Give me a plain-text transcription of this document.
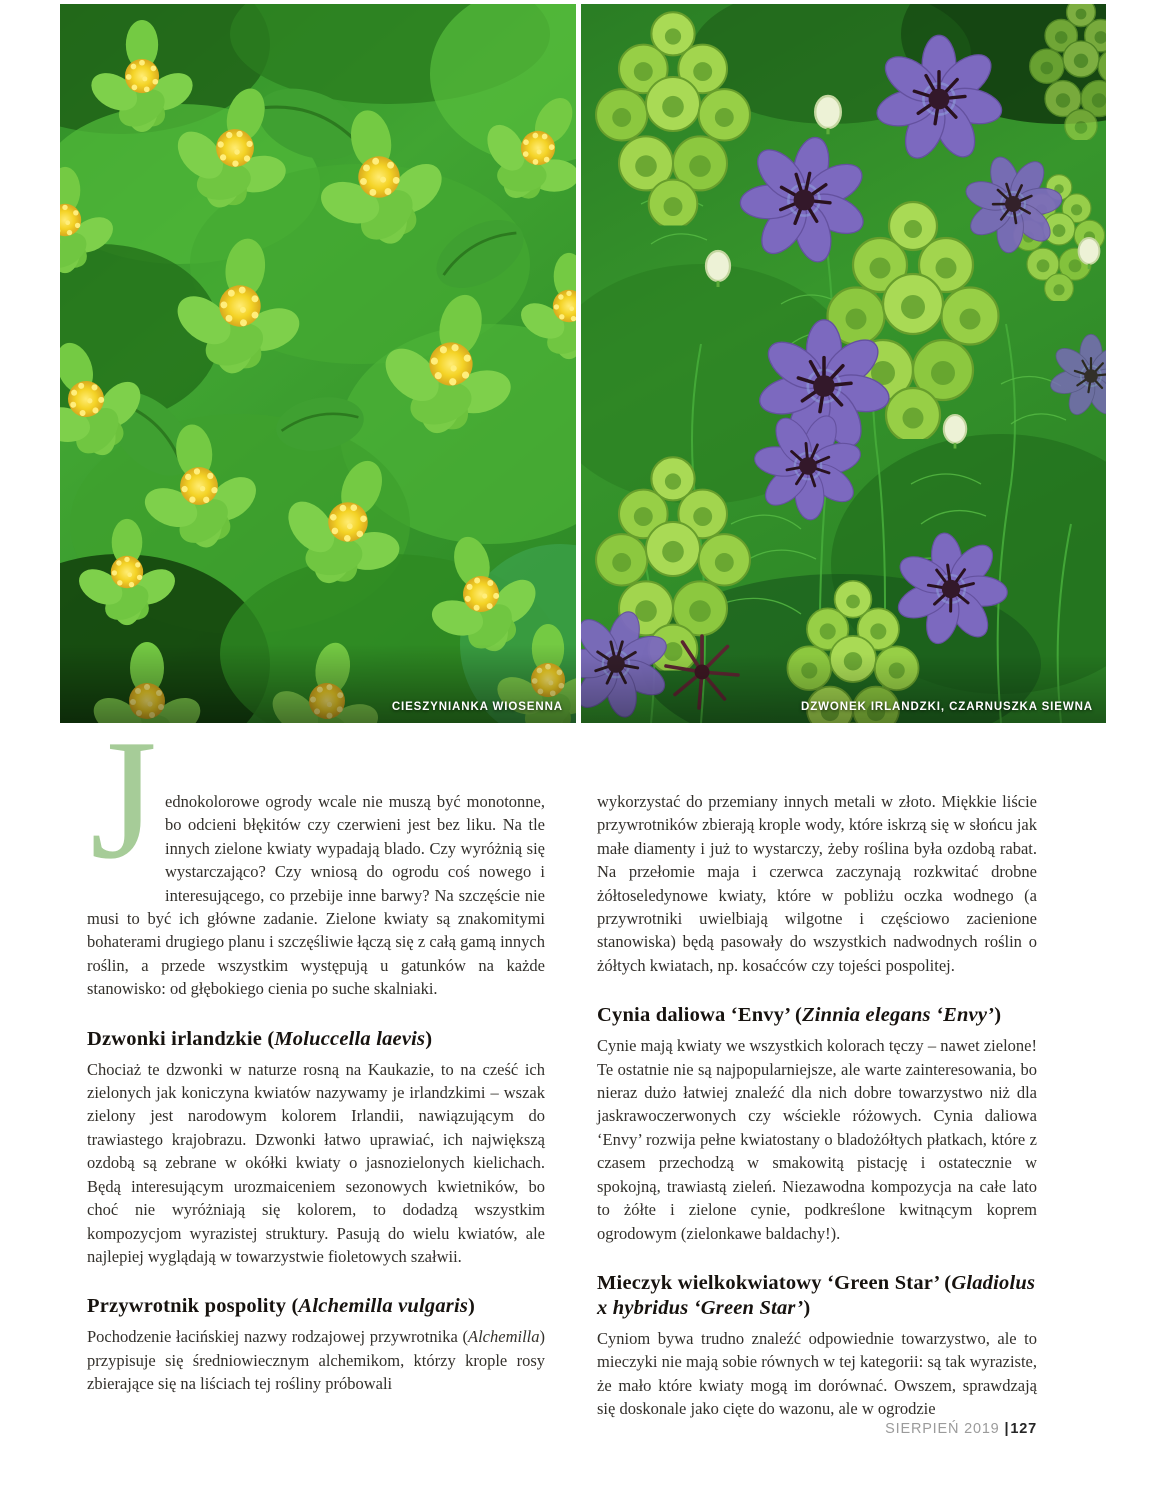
CIESZYNIANKA WIOSENNA	DZWONEK IRLANDZKI, CZARNUSZKA SIEWNA
J ednokolorowe ogrody wcale nie muszą być monotonne, bo odcieni błękitów czy czerwieni jest bez liku. Na tle innych zielone kwiaty wypadają blado. Czy wyróżnią się wystarczająco? Czy wniosą do ogrodu coś nowego i interesującego, co przebije inne barwy? Na szczęście nie musi to być ich główne zadanie. Zielone kwiaty są znakomitymi bohaterami drugiego planu i szczęśliwie łączą się z całą gamą innych roślin, a przede wszystkim występują u gatunków na każde stanowisko: od głębokiego cienia po suche skalniaki.

Dzwonki irlandzkie (Moluccella laevis)

Chociaż te dzwonki w naturze rosną na Kaukazie, to na cześć ich zielonych jak koniczyna kwiatów nazywamy je irlandzkimi – wszak zielony jest narodowym kolorem Irlandii, nawiązującym do trawiastego krajobrazu. Dzwonki łatwo uprawiać, ich największą ozdobą są zebrane w okółki kwiaty o jasnozielonych kielichach. Będą interesującym urozmaiceniem sezonowych kwietników, bo choć nie wyróżniają się kolorem, to dodadzą wszystkim kompozycjom wyrazistej struktury. Pasują do wielu kwiatów, ale najlepiej wyglądają w towarzystwie fioletowych szałwii.

Przywrotnik pospolity (Alchemilla vulgaris)

Pochodzenie łacińskiej nazwy rodzajowej przywrotnika (Alchemilla) przypisuje się średniowiecznym alchemikom, którzy krople rosy zbierające się na liściach tej rośliny próbowali

wykorzystać do przemiany innych metali w złoto. Miękkie liście przywrotników zbierają krople wody, które iskrzą się w słońcu jak małe diamenty i już to wystarczy, żeby roślina była ozdobą rabat. Na przełomie maja i czerwca zaczynają rozkwitać drobne żółtoseledynowe kwiaty, które w pobliżu oczka wodnego (a przywrotniki uwielbiają wilgotne i częściowo zacienione stanowiska) będą pasowały do wszystkich nadwodnych roślin o żółtych kwiatach, np. kosaćców czy tojeści pospolitej.

Cynia daliowa ‘Envy’ (Zinnia elegans ‘Envy’)

Cynie mają kwiaty we wszystkich kolorach tęczy – nawet zielone! Te ostatnie nie są najpopularniejsze, ale warte zainteresowania, bo nieraz dużo łatwiej znaleźć dla nich dobre towarzystwo niż dla jaskrawoczerwonych czy wściekle różowych. Cynia daliowa ‘Envy’ rozwija pełne kwiatostany o bladożółtych płatkach, które z czasem przechodzą w smakowitą pistację i ostatecznie w spokojną, trawiastą zieleń. Niezawodna kompozycja na całe lato to żółte i zielone cynie, podkreślone kwitnącym koprem ogrodowym (zielonkawe baldachy!).

Mieczyk wielkokwiatowy ‘Green Star’ (Gladiolus x hybridus ‘Green Star’)

Cyniom bywa trudno znaleźć odpowiednie towarzystwo, ale to mieczyki nie mają sobie równych w tej kategorii: są tak wyraziste, że mało które kwiaty mogą im dorównać. Owszem, sprawdzają się doskonale jako cięte do wazonu, ale w ogrodzie

SIERPIEŃ 2019 |127
